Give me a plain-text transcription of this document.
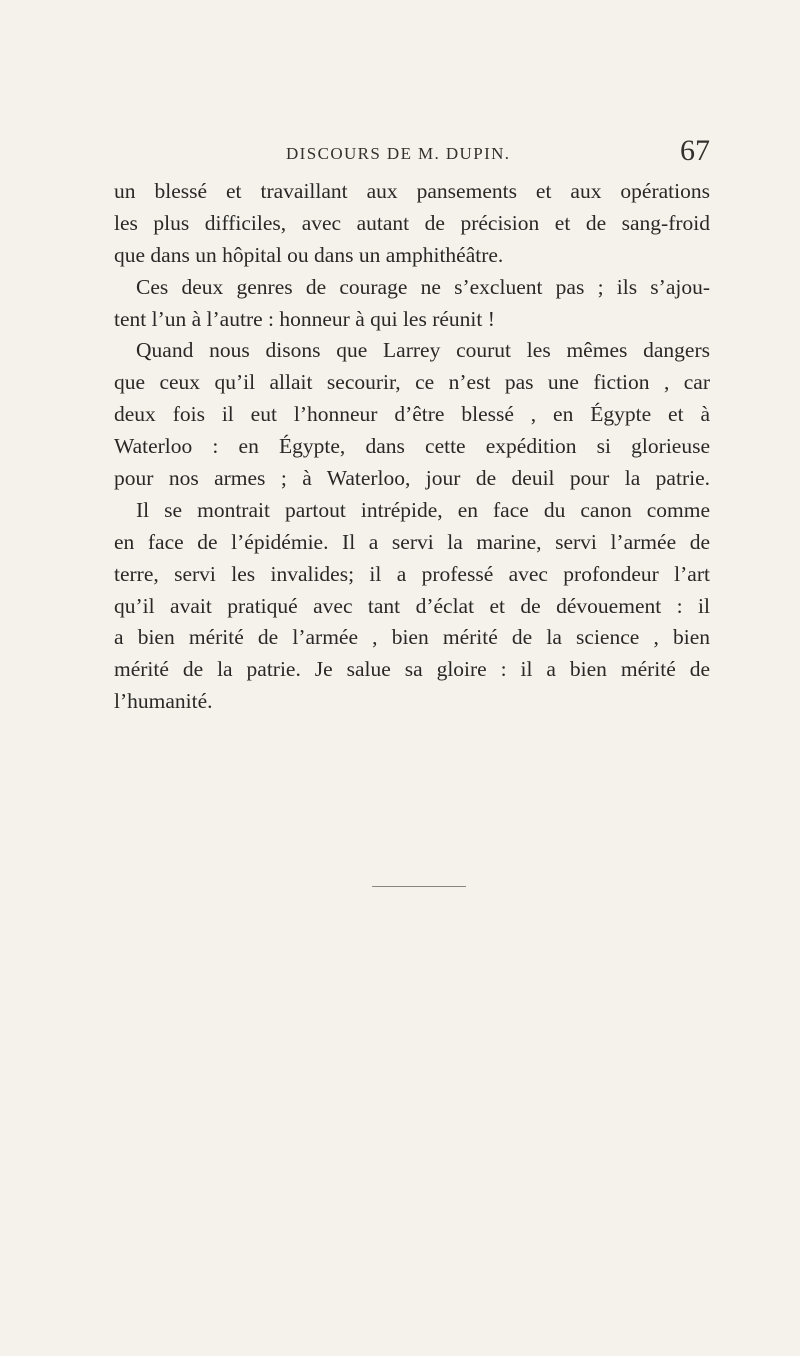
DISCOURS DE M. DUPIN.	67
un blessé et travaillant aux pansements et aux opérations
les plus difficiles, avec autant de précision et de sang-froid
que dans un hôpital ou dans un amphithéâtre.
Ces deux genres de courage ne s’excluent pas ; ils s’ajou-
tent l’un à l’autre : honneur à qui les réunit !
Quand nous disons que Larrey courut les mêmes dangers
que ceux qu’il allait secourir, ce n’est pas une fiction , car
deux fois il eut l’honneur d’être blessé , en Égypte et à
Waterloo : en Égypte, dans cette expédition si glorieuse
pour nos armes ; à Waterloo, jour de deuil pour la patrie.
Il se montrait partout intrépide, en face du canon comme
en face de l’épidémie. Il a servi la marine, servi l’armée de
terre, servi les invalides; il a professé avec profondeur l’art
qu’il avait pratiqué avec tant d’éclat et de dévouement : il
a bien mérité de l’armée , bien mérité de la science , bien
mérité de la patrie. Je salue sa gloire : il a bien mérité de
l’humanité.
